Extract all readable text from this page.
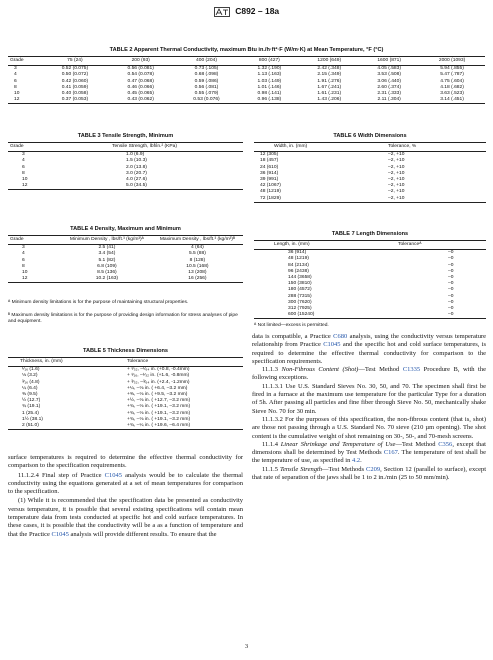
C892 – 18a
TABLE 2 Apparent Thermal Conductivity, maximum Btu in./h·ft²·F (W/m·K) at Mean Temperature, °F (°C)
Grade	75 (24)	200 (93)	400 (204)	800 (427)	1200 (649)	1600 (871)	2000 (1093)
3	0.52 (0.075)	0.56 (0.081)	0.73 (.105)	1.32 (.190)	2.42 (.348)	4.05 (.583)	5.94 (.855)
4	0.50 (0.072)	0.54 (0.078)	0.68 (.098)	1.13 (.163)	2.15 (.349)	3.53 (.508)	5.47 (.787)
6	0.42 (0.060)	0.47 (0.068)	0.59 (.086)	1.03 (.149)	1.91 (.276)	3.06 (.440)	4.75 (.604)
8	0.41 (0.059)	0.46 (0.066)	0.56 (.081)	1.01 (.146)	1.67 (.241)	2.60 (.374)	4.18 (.682)
10	0.40 (0.058)	0.45 (0.065)	0.55 (.079)	0.98 (.141)	1.61 (.231)	2.31 (.333)	3.63 (.523)
12	0.37 (0.053)	0.43 (0.062)	0.53 (0.076)	0.96 (.138)	1.43 (.206)	2.11 (.304)	3.14 (.451)
TABLE 3 Tensile Strength, Minimum
Grade	Tensile Strength, lbf/in.² (KPa)
3	1.0 (6.9)
4	1.5 (10.3)
6	2.0 (13.8)
8	3.0 (20.7)
10	4.0 (27.6)
12	5.0 (34.5)
TABLE 6 Width Dimensions
Width, in. (mm)	Tolerance, %
12 (305)	–2, +10
18 (457)	–2, +10
24 (610)	–2, +10
36 (914)	–2, +10
39 (991)	–2, +10
42 (1067)	–2, +10
48 (1219)	–2, +10
72 (1829)	–2, +10
TABLE 4 Density, Maximum and Minimum
Grade	Minimum Density , lbs/ft.³ (kg/m³)ᴬ	Maximum Density , lbs/ft.³ (kg/m³)ᴮ
3	2.5 (41)	4 (64)
4	3.4 (54)	5.5 (88)
6	5.1 (82)	8 (128)
8	6.8 (109)	10.5 (168)
10	8.5 (136)	13 (208)
12	10.2 (163)	16 (256)
ᴬ Minimum density limitations is for the purpose of maintaining structural properties.
ᴮ Maximum density limitations is for the purpose of providing design information for stress analyses of pipe and equipment.
TABLE 7 Length Dimensions
Length, in. (mm)	Toleranceᴬ
36 (914)	–0
48 (1219)	–0
84 (2134)	–0
96 (2438)	–0
144 (3658)	–0
150 (3810)	–0
180 (4572)	–0
288 (7315)	–0
300 (7620)	–0
312 (7925)	–0
600 (15240)	–0
ᴬ Not limited—excess is permitted.
TABLE 5 Thickness Dimensions
Thickness, in. (mm)	Tolerance
¹⁄₁₆ (1.6)	+ ¹⁄₃₂, –¹⁄₆₄ in. (+0.8, -0.4mm)
⅛ (3.2)	+ ¹⁄₁₆, –¹⁄₃₂ in. (+1.6, -0.8mm)
³⁄₁₆ (4.8)	+ ³⁄₃₂, –³⁄₆₄ in. (+2.4, -1.2mm)
¼ (6.4)	+¼, –⅛ in. ( +6.4, –3.2 mm)
⅜ (9.5)	+⅜, –⅛ in. ( +9.5, –3.2 mm)
½ (12.7)	+½, –⅛ in. ( +12.7, –3.2 mm)
¾ (19.1)	+¾, –⅛ in. ( +19.1, –3.2 mm)
1 (25.4)	+¾, –⅛ in. ( +19.1, –3.2 mm)
1½ (38.1)	+¾, –⅛ in. ( +19.1, –3.2 mm)
2 (51.0)	+¾, –¼ in. ( +19.6, –6.4 mm)

surface temperatures is required to determine the effective thermal conductivity for comparison to the specification requirements.

11.1.2.4 Final step of Practice C1045 analysis would be to calculate the thermal conductivity using the equations generated at a set of mean temperatures for comparison to the specification.

(1) While it is recommended that the specification data be presented as conductivity versus temperature, it is possible that several existing specifications will contain mean temperature data from tests conducted at specific hot and cold surface temperatures. In these cases, it is possible that the conductivity will be a as a function of temperature and that the Practice C1045 analysis will provide different results. To ensure that the

data is compatible, a Practice C680 analysis, using the conductivity versus temperature relationship from Practice C1045 and the specific hot and cold surface temperatures, is required to determine the effective thermal conductivity for comparison to the specification requirements.

11.1.3 Non-Fibrous Content (Shot)—Test Method C1335 Procedure B, with the following exceptions.

11.1.3.1 Use U.S. Standard Sieves No. 30, 50, and 70. The specimen shall first be fired in a furnace at the maximum use temperature for the particular Type for a duration of 5h. After passing all particles and fine fiber through Sieve No. 50, mechanically shake Sieve No. 70 for 30 min.

11.1.3.2 For the purposes of this specification, the non-fibrous content (that is, shot) are those not passing through a U.S. Standard No. 70 sieve (210 µm opening). The shot content is the cumulative weight of shot remaining on 30-, 50-, and 70-mesh screens.

11.1.4 Linear Shrinkage and Temperature of Use—Test Method C356, except that dimensions shall be determined by Test Methods C167. The temperature of test shall be the temperature of use, as specified in 4.2.

11.1.5 Tensile Strength—Test Methods C209, Section 12 (parallel to surface), except that rate of separation of the jaws shall be 1 to 2 in./min (25 to 50 mm/min).

3
